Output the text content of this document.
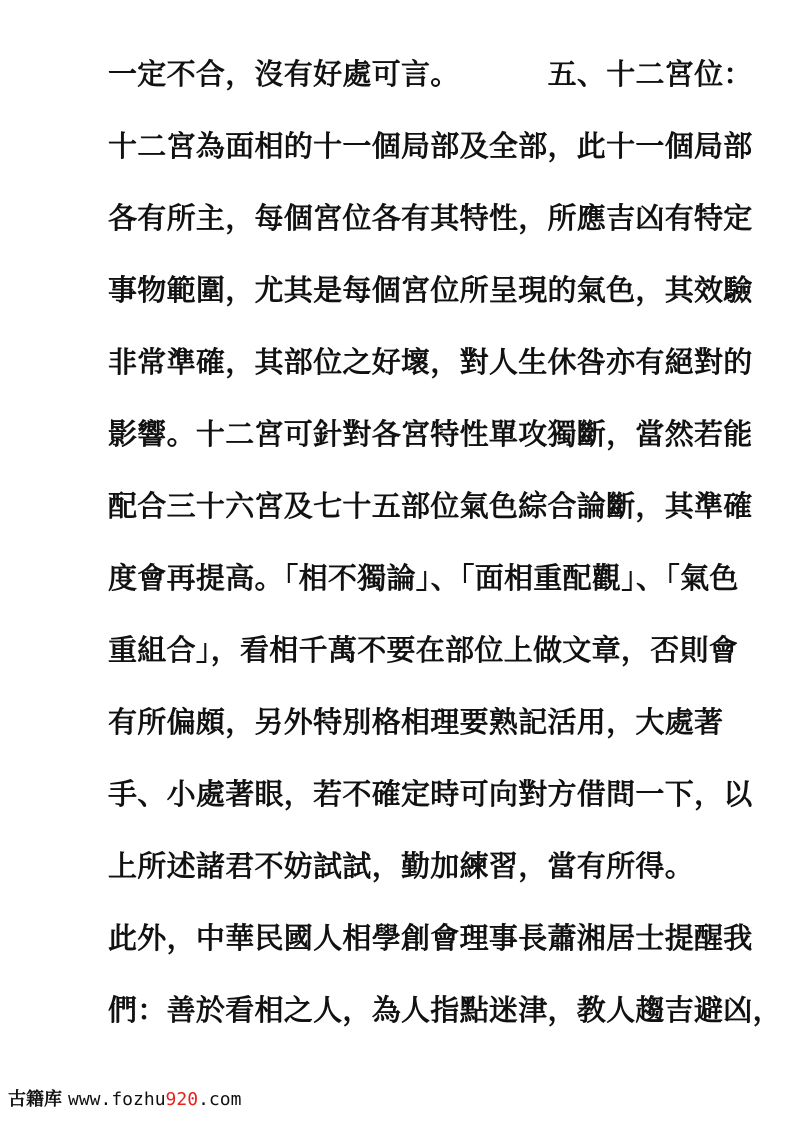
一定不合，沒有好處可言。	五、十二宮位：
十二宮為面相的十一個局部及全部，此十一個局部
各有所主，每個宮位各有其特性，所應吉凶有特定
事物範圍，尤其是每個宮位所呈現的氣色，其效驗
非常準確，其部位之好壞，對人生休咎亦有絕對的
影響。十二宮可針對各宮特性單攻獨斷，當然若能
配合三十六宮及七十五部位氣色綜合論斷，其準確
度會再提高。「相不獨論」、「面相重配觀」、「氣色
重組合」，看相千萬不要在部位上做文章，否則會
有所偏頗，另外特別格相理要熟記活用，大處著
手、小處著眼，若不確定時可向對方借問一下，以
上所述諸君不妨試試，勤加練習，當有所得。
此外，中華民國人相學創會理事長蕭湘居士提醒我
們：善於看相之人，為人指點迷津，教人趨吉避凶，
古籍库 www.fozhu920.com
